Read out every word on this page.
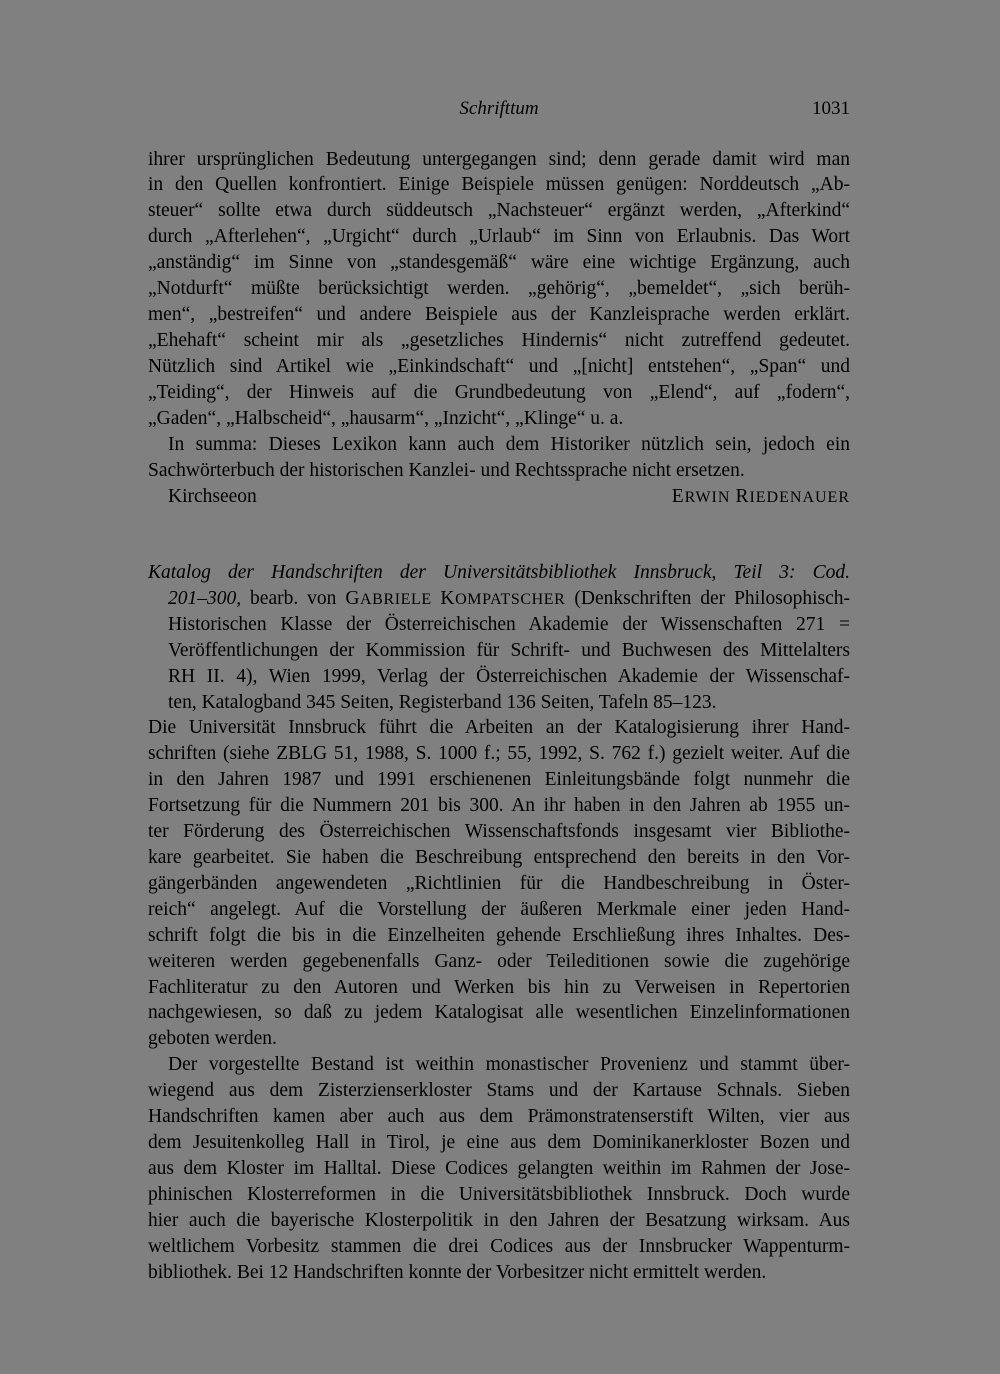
Schrifttum	1031
ihrer ursprünglichen Bedeutung untergegangen sind; denn gerade damit wird man
in den Quellen konfrontiert. Einige Beispiele müssen genügen: Norddeutsch „Ab-
steuer“ sollte etwa durch süddeutsch „Nachsteuer“ ergänzt werden, „Afterkind“
durch „Afterlehen“, „Urgicht“ durch „Urlaub“ im Sinn von Erlaubnis. Das Wort
„anständig“ im Sinne von „standesgemäß“ wäre eine wichtige Ergänzung, auch
„Notdurft“ müßte berücksichtigt werden. „gehörig“, „bemeldet“, „sich berüh-
men“, „bestreifen“ und andere Beispiele aus der Kanzleisprache werden erklärt.
„Ehehaft“ scheint mir als „gesetzliches Hindernis“ nicht zutreffend gedeutet.
Nützlich sind Artikel wie „Einkindschaft“ und „[nicht] entstehen“, „Span“ und
„Teiding“, der Hinweis auf die Grundbedeutung von „Elend“, auf „fodern“,
„Gaden“, „Halbscheid“, „hausarm“, „Inzicht“, „Klinge“ u. a.
In summa: Dieses Lexikon kann auch dem Historiker nützlich sein, jedoch ein
Sachwörterbuch der historischen Kanzlei- und Rechtssprache nicht ersetzen.
Kirchseeon	ERWIN RIEDENAUER
Katalog der Handschriften der Universitätsbibliothek Innsbruck, Teil 3: Cod.
201–300, bearb. von GABRIELE KOMPATSCHER (Denkschriften der Philosophisch-
Historischen Klasse der Österreichischen Akademie der Wissenschaften 271 =
Veröffentlichungen der Kommission für Schrift- und Buchwesen des Mittelalters
RH II. 4), Wien 1999, Verlag der Österreichischen Akademie der Wissenschaf-
ten, Katalogband 345 Seiten, Registerband 136 Seiten, Tafeln 85–123.
Die Universität Innsbruck führt die Arbeiten an der Katalogisierung ihrer Hand-
schriften (siehe ZBLG 51, 1988, S. 1000 f.; 55, 1992, S. 762 f.) gezielt weiter. Auf die
in den Jahren 1987 und 1991 erschienenen Einleitungsbände folgt nunmehr die
Fortsetzung für die Nummern 201 bis 300. An ihr haben in den Jahren ab 1955 un-
ter Förderung des Österreichischen Wissenschaftsfonds insgesamt vier Bibliothe-
kare gearbeitet. Sie haben die Beschreibung entsprechend den bereits in den Vor-
gängerbänden angewendeten „Richtlinien für die Handbeschreibung in Öster-
reich“ angelegt. Auf die Vorstellung der äußeren Merkmale einer jeden Hand-
schrift folgt die bis in die Einzelheiten gehende Erschließung ihres Inhaltes. Des-
weiteren werden gegebenenfalls Ganz- oder Teileditionen sowie die zugehörige
Fachliteratur zu den Autoren und Werken bis hin zu Verweisen in Repertorien
nachgewiesen, so daß zu jedem Katalogisat alle wesentlichen Einzelinformationen
geboten werden.
Der vorgestellte Bestand ist weithin monastischer Provenienz und stammt über-
wiegend aus dem Zisterzienserkloster Stams und der Kartause Schnals. Sieben
Handschriften kamen aber auch aus dem Prämonstratenserstift Wilten, vier aus
dem Jesuitenkolleg Hall in Tirol, je eine aus dem Dominikanerkloster Bozen und
aus dem Kloster im Halltal. Diese Codices gelangten weithin im Rahmen der Jose-
phinischen Klosterreformen in die Universitätsbibliothek Innsbruck. Doch wurde
hier auch die bayerische Klosterpolitik in den Jahren der Besatzung wirksam. Aus
weltlichem Vorbesitz stammen die drei Codices aus der Innsbrucker Wappenturm-
bibliothek. Bei 12 Handschriften konnte der Vorbesitzer nicht ermittelt werden.
